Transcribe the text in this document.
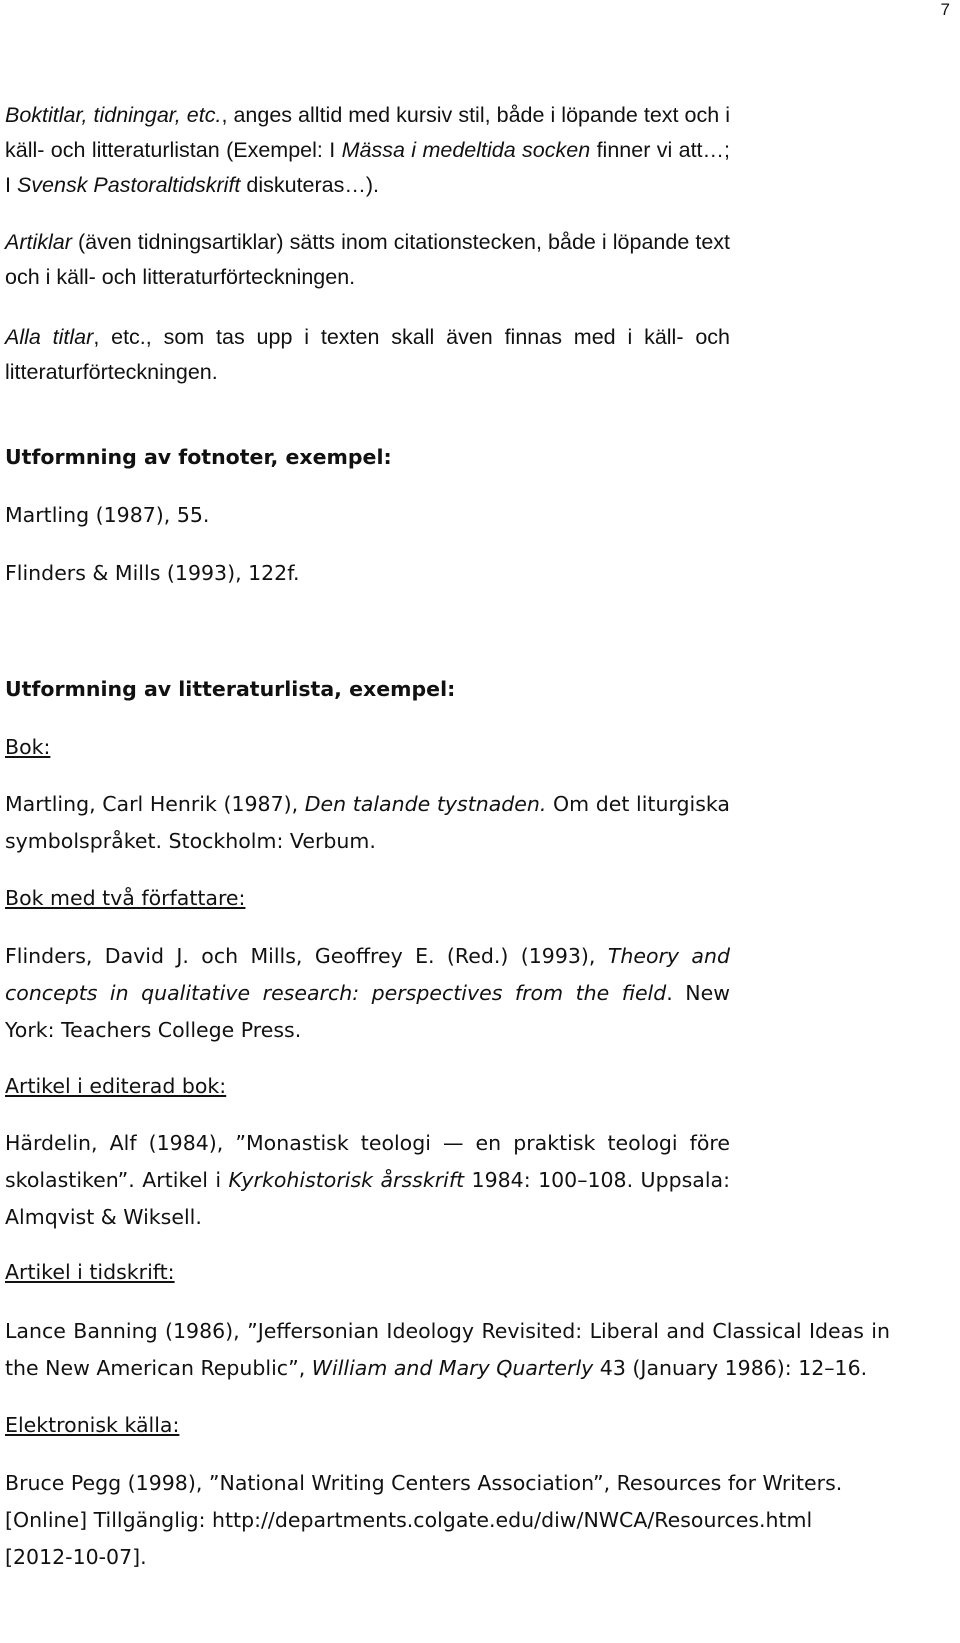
7

Boktitlar, tidningar, etc., anges alltid med kursiv stil, både i löpande text och i käll- och litteraturlistan (Exempel: I Mässa i medeltida socken finner vi att…; I Svensk Pastoraltidskrift diskuteras…).

Artiklar (även tidningsartiklar) sätts inom citationstecken, både i löpande text och i käll- och litteraturförteckningen.

Alla titlar, etc., som tas upp i texten skall även finnas med i käll- och litteraturförteckningen.

Utformning av fotnoter, exempel:

Martling (1987), 55.

Flinders & Mills (1993), 122f.

Utformning av litteraturlista, exempel:

Bok:

Martling, Carl Henrik (1987), Den talande tystnaden. Om det liturgiska symbolspråket. Stockholm: Verbum.

Bok med två författare:

Flinders, David J. och Mills, Geoffrey E. (Red.) (1993), Theory and concepts in qualitative research: perspectives from the field. New York: Teachers College Press.

Artikel i editerad bok:

Härdelin, Alf (1984), ”Monastisk teologi — en praktisk teologi före skolastiken”. Artikel i Kyrkohistorisk årsskrift 1984: 100–108. Uppsala: Almqvist & Wiksell.

Artikel i tidskrift:

Lance Banning (1986), ”Jeffersonian Ideology Revisited: Liberal and Classical Ideas in the New American Republic”, William and Mary Quarterly 43 (January 1986): 12–16.

Elektronisk källa:

Bruce Pegg (1998), ”National Writing Centers Association”, Resources for Writers. [Online] Tillgänglig: http://departments.colgate.edu/diw/NWCA/Resources.html [2012-10-07].
